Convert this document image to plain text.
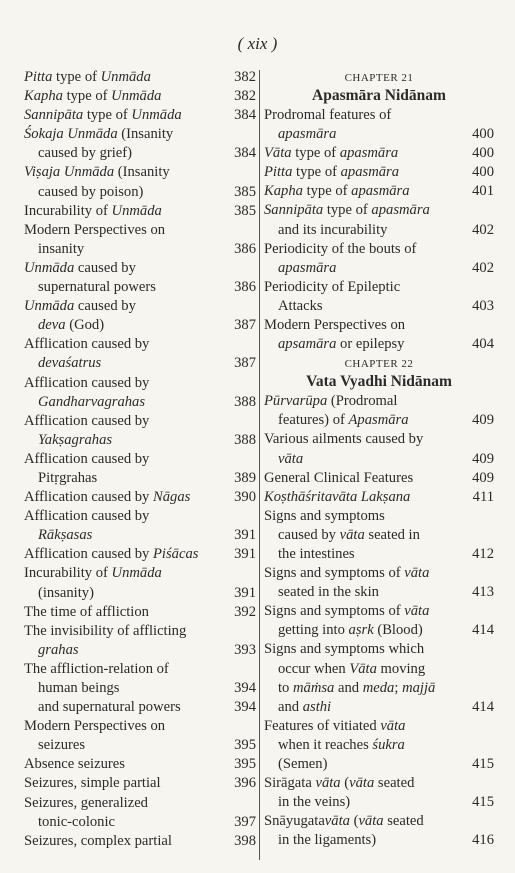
( xix )
Pitta type of Unmāda	382
Kapha type of Unmāda	382
Sannipāta type of Unmāda	384
Śokaja Unmāda (Insanity
caused by grief)	384
Viṣaja Unmāda (Insanity
caused by poison)	385
Incurability of Unmāda	385
Modern Perspectives on
insanity	386
Unmāda caused by
supernatural powers	386
Unmāda caused by
deva (God)	387
Afflication caused by
devaśatrus	387
Afflication caused by
Gandharvagrahas	388
Afflication caused by
Yakṣagrahas	388
Afflication caused by
Pitṛgrahas	389
Afflication caused by Nāgas	390
Afflication caused by
Rākṣasas	391
Afflication caused by Piśācas 391
Incurability of Unmāda
(insanity)	391
The time of affliction	392
The invisibility of afflicting
grahas	393
The affliction-relation of
human beings	394
and supernatural powers	394
Modern Perspectives on
seizures	395
Absence seizures	395
Seizures, simple partial	396
Seizures, generalized
tonic-colonic	397
Seizures, complex partial	398
CHAPTER 21
Apasmāra Nidānam
Prodromal features of
apasmāra	400
Vāta type of apasmāra	400
Pitta type of apasmāra	400
Kapha type of apasmāra	401
Sannipāta type of apasmāra
and its incurability	402
Periodicity of the bouts of
apasmāra	402
Periodicity of Epileptic
Attacks	403
Modern Perspectives on
apsamāra or epilepsy	404
CHAPTER 22
Vata Vyadhi Nidānam
Pūrvarūpa (Prodromal
features) of Apasmāra	409
Various ailments caused by
vāta	409
General Clinical Features	409
Koṣthāśritavāta Lakṣana	411
Signs and symptoms
caused by vāta seated in
the intestines	412
Signs and symptoms of vāta
seated in the skin	413
Signs and symptoms of vāta
getting into aṣrk (Blood)	414
Signs and symptoms which
occur when Vāta moving
to māṁsa and meda; majjā
and asthi	414
Features of vitiated vāta
when it reaches śukra
(Semen)	415
Sirāgata vāta (vāta seated
in the veins)	415
Snāyugatavāta (vāta seated
in the ligaments)	416
